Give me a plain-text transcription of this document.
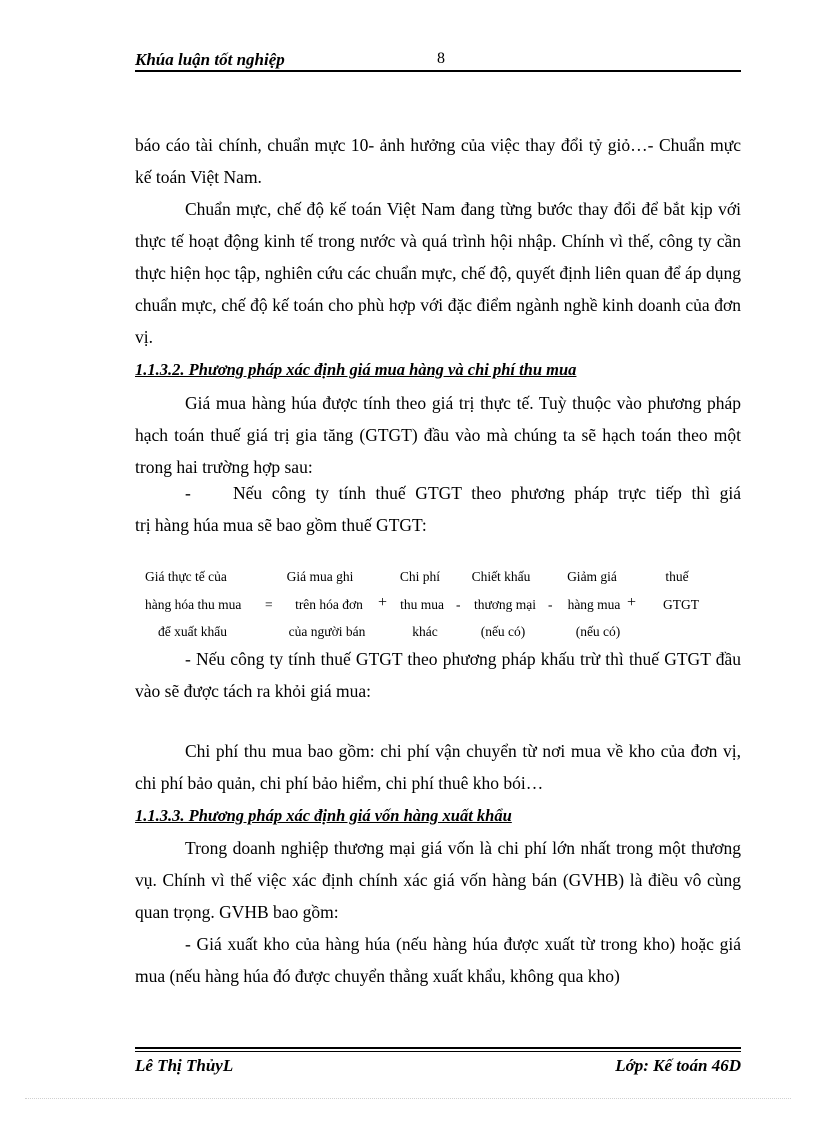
Khúa luận tốt nghiệp	8
báo cáo tài chính, chuẩn mực 10- ảnh hưởng của việc thay đổi tỷ giỏ…- Chuẩn mực kế toán Việt Nam.
Chuẩn mực, chế độ kế toán Việt Nam đang từng bước thay đổi để bắt kịp với thực tế hoạt động kinh tế trong nước và quá trình hội nhập. Chính vì thế, công ty cần thực hiện học tập, nghiên cứu các chuẩn mực, chế độ, quyết định liên quan để áp dụng chuẩn mực, chế độ kế toán cho phù hợp với đặc điểm ngành nghề kinh doanh của đơn vị.
1.1.3.2. Phương pháp xác định giá mua hàng và chi phí thu mua
Giá mua hàng húa được tính theo giá trị thực tế. Tuỳ thuộc vào phương pháp hạch toán thuế giá trị gia tăng (GTGT) đầu vào mà chúng ta sẽ hạch toán theo một trong hai trường hợp sau:
- Nếu công ty tính thuế GTGT theo phương pháp trực tiếp thì giá
trị hàng húa mua sẽ bao gồm thuế GTGT:
Giá thực tế của
hàng hóa thu mua
để xuất khẩu
=
Giá mua ghi
trên hóa đơn
của người bán
+
Chi phí
thu mua
khác
-
Chiết khấu
thương mại
(nếu có)
-
Giảm giá
hàng mua
(nếu có)
+
thuế
GTGT
- Nếu công ty tính thuế GTGT theo phương pháp khấu trừ thì thuế GTGT đầu vào sẽ được tách ra khỏi giá mua:
Chi phí thu mua bao gồm: chi phí vận chuyển từ nơi mua về kho của đơn vị, chi phí bảo quản, chi phí bảo hiểm, chi phí thuê kho bói…
1.1.3.3. Phương pháp xác định giá vốn hàng xuất khẩu
Trong doanh nghiệp thương mại giá vốn là chi phí lớn nhất trong một thương vụ. Chính vì thế việc xác định chính xác giá vốn hàng bán (GVHB) là điều vô cùng quan trọng. GVHB bao gồm:
- Giá xuất kho của hàng húa (nếu hàng húa được xuất từ trong kho) hoặc giá mua (nếu hàng húa đó được chuyển thẳng xuất khẩu, không qua kho)
Lê Thị ThủyL	Lớp: Kế toán 46D
